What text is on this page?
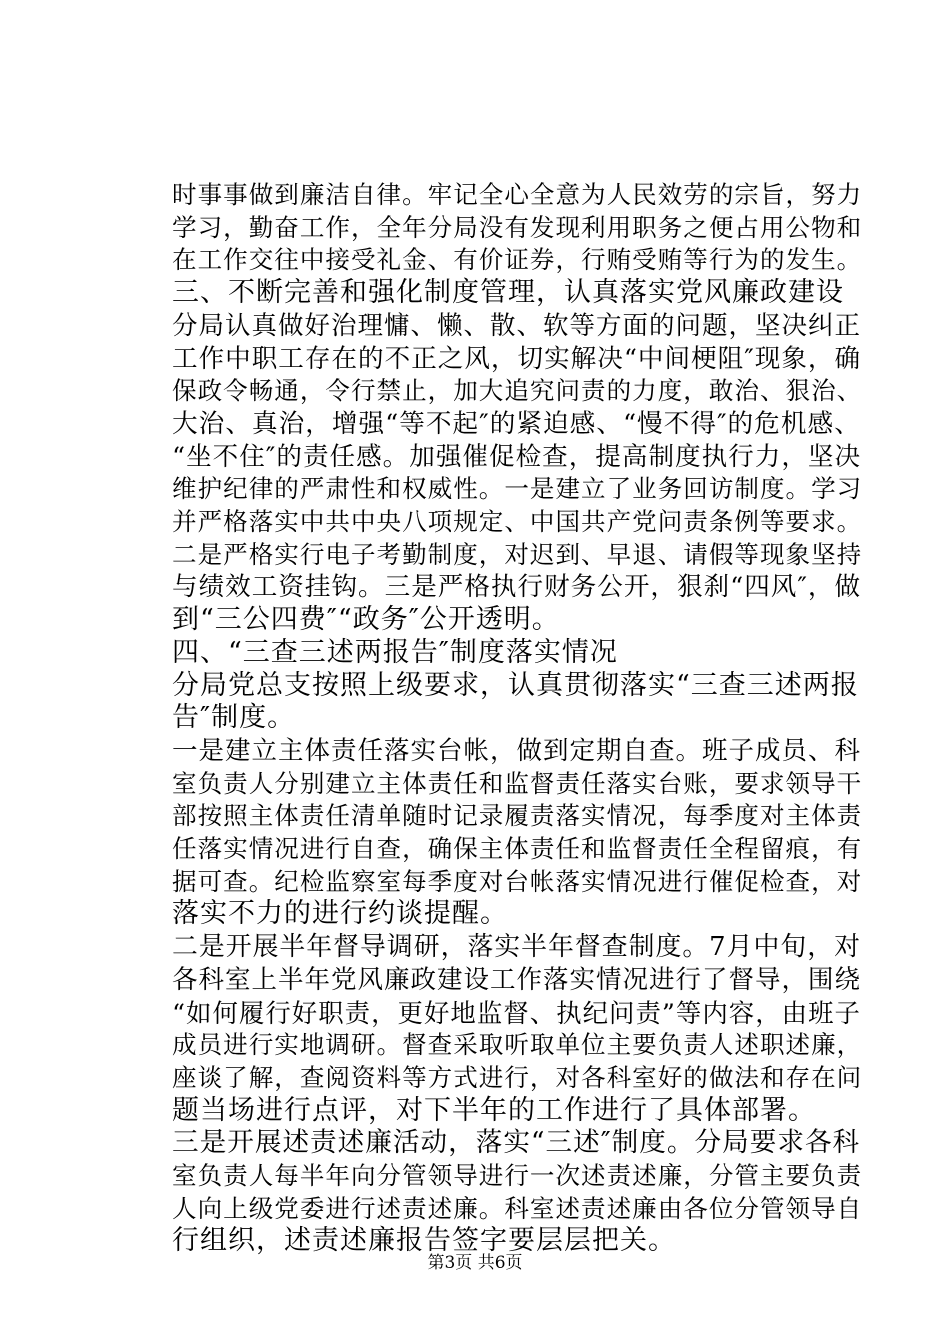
时事事做到廉洁自律。牢记全心全意为人民效劳的宗旨，努力
学习，勤奋工作，全年分局没有发现利用职务之便占用公物和
在工作交往中接受礼金、有价证券，行贿受贿等行为的发生。
三、不断完善和强化制度管理，认真落实党风廉政建设
分局认真做好治理慵、懒、散、软等方面的问题，坚决纠正
工作中职工存在的不正之风，切实解决“中间梗阻″现象，确
保政令畅通，令行禁止，加大追究问责的力度，敢治、狠治、
大治、真治，增强“等不起″的紧迫感、“慢不得″的危机感、
“坐不住″的责任感。加强催促检查，提高制度执行力，坚决
维护纪律的严肃性和权威性。一是建立了业务回访制度。学习
并严格落实中共中央八项规定、中国共产党问责条例等要求。
二是严格实行电子考勤制度，对迟到、早退、请假等现象坚持
与绩效工资挂钩。三是严格执行财务公开，狠刹“四风″，做
到“三公四费″“政务″公开透明。
四、“三查三述两报告″制度落实情况
分局党总支按照上级要求，认真贯彻落实“三查三述两报
告″制度。
一是建立主体责任落实台帐，做到定期自查。班子成员、科
室负责人分别建立主体责任和监督责任落实台账，要求领导干
部按照主体责任清单随时记录履责落实情况，每季度对主体责
任落实情况进行自查，确保主体责任和监督责任全程留痕，有
据可查。纪检监察室每季度对台帐落实情况进行催促检查，对
落实不力的进行约谈提醒。
二是开展半年督导调研，落实半年督查制度。7月中旬，对
各科室上半年党风廉政建设工作落实情况进行了督导，围绕
“如何履行好职责，更好地监督、执纪问责”等内容，由班子
成员进行实地调研。督查采取听取单位主要负责人述职述廉，
座谈了解，查阅资料等方式进行，对各科室好的做法和存在问
题当场进行点评，对下半年的工作进行了具体部署。
三是开展述责述廉活动，落实“三述″制度。分局要求各科
室负责人每半年向分管领导进行一次述责述廉，分管主要负责
人向上级党委进行述责述廉。科室述责述廉由各位分管领导自
行组织，述责述廉报告签字要层层把关。
第3页 共6页
